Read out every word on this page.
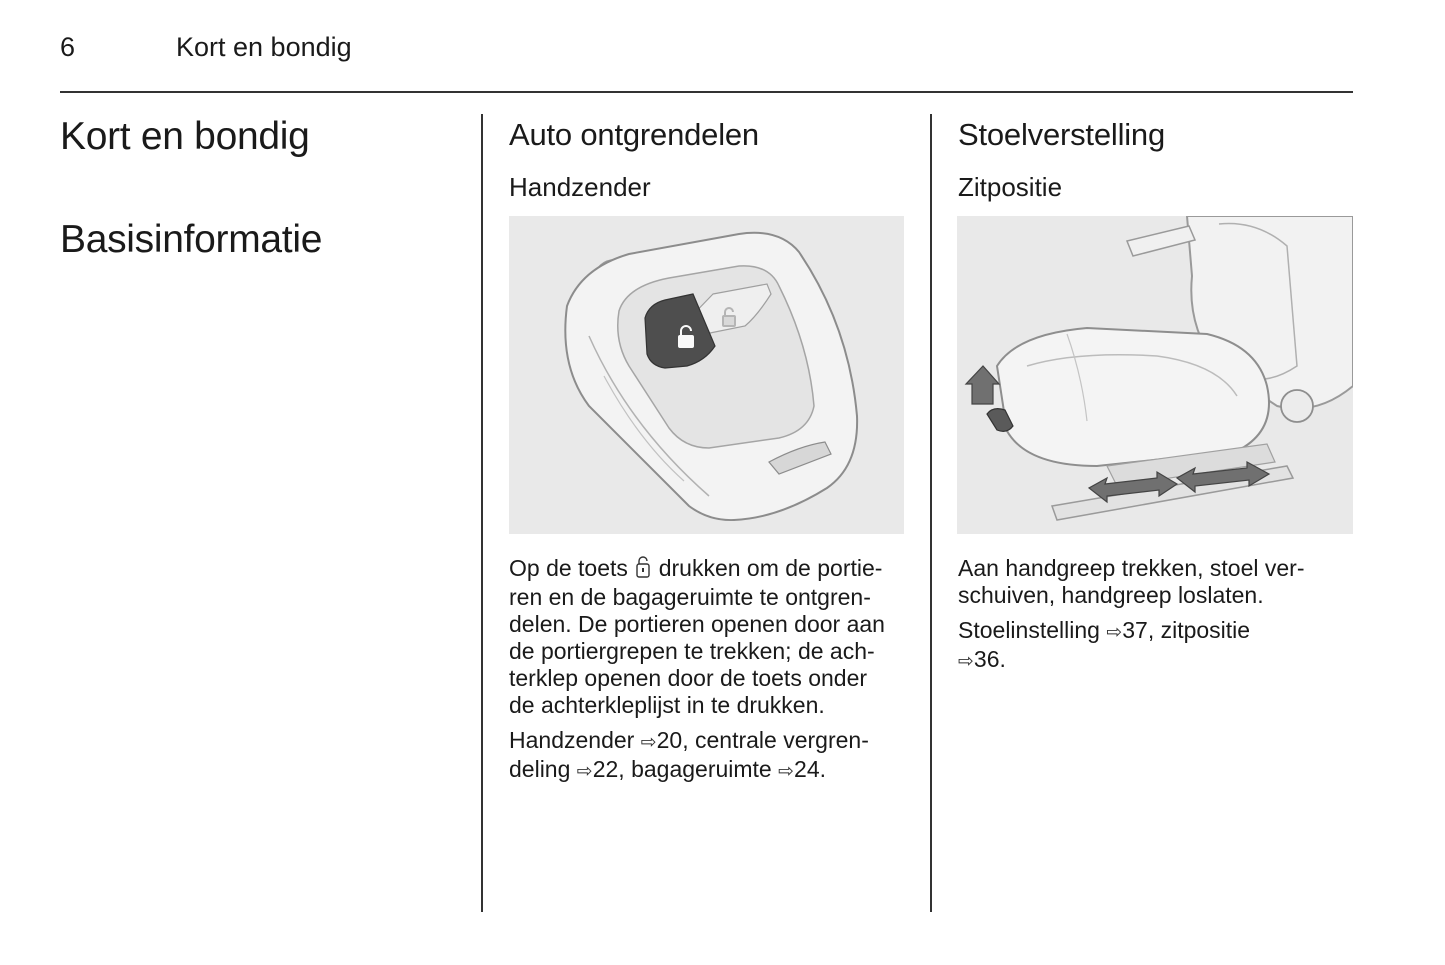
6	Kort en bondig
Kort en bondig
Basisinformatie
Auto ontgrendelen
Handzender

Op de toets drukken om de portie-
ren en de bagageruimte te ontgren-
delen. De portieren openen door aan
de portiergrepen te trekken; de ach-
terklep openen door de toets onder
de achterkleplijst in te drukken.

Handzender ⇨20, centrale vergren-
deling ⇨22, bagageruimte ⇨24.

Stoelverstelling
Zitpositie

Aan handgreep trekken, stoel ver-
schuiven, handgreep loslaten.

Stoelinstelling ⇨37, zitpositie
⇨36.
